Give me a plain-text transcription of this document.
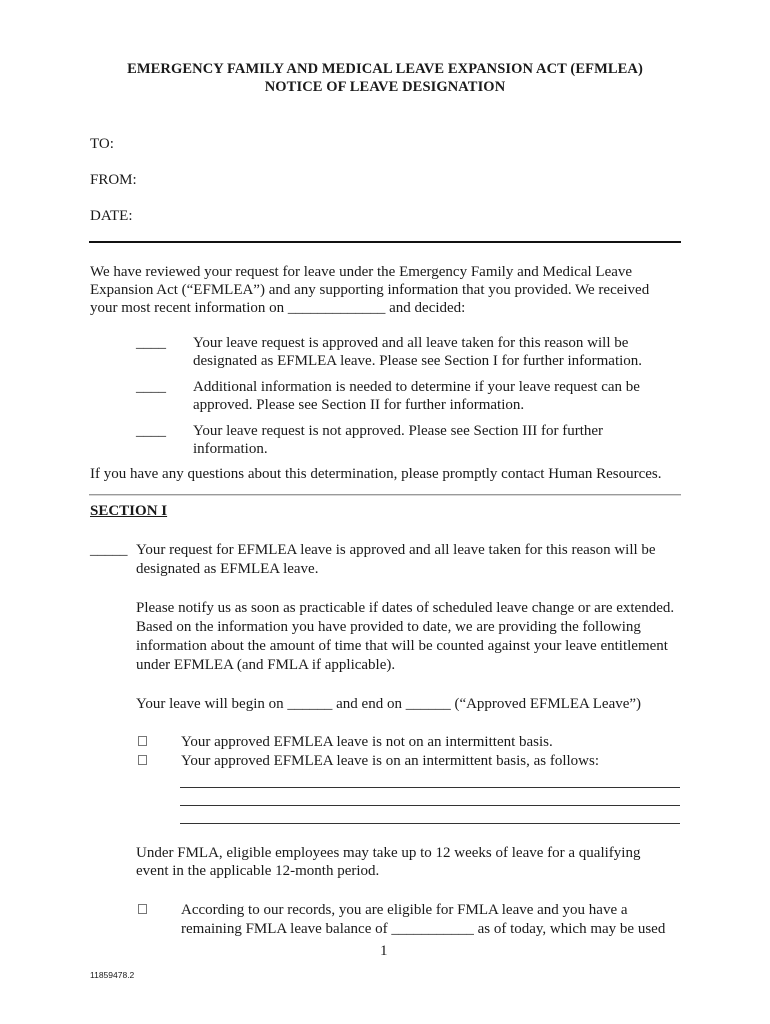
EMERGENCY FAMILY AND MEDICAL LEAVE EXPANSION ACT (EFMLEA)
NOTICE OF LEAVE DESIGNATION
TO:
FROM:
DATE:
We have reviewed your request for leave under the Emergency Family and Medical Leave
Expansion Act (“EFMLEA”) and any supporting information that you provided. We received
your most recent information on _____________ and decided:
____ Your leave request is approved and all leave taken for this reason will be
designated as EFMLEA leave. Please see Section I for further information.
____ Additional information is needed to determine if your leave request can be
approved. Please see Section II for further information.
____ Your leave request is not approved. Please see Section III for further
information.
If you have any questions about this determination, please promptly contact Human Resources.
SECTION I
_____ Your request for EFMLEA leave is approved and all leave taken for this reason will be
designated as EFMLEA leave.
Please notify us as soon as practicable if dates of scheduled leave change or are extended.
Based on the information you have provided to date, we are providing the following
information about the amount of time that will be counted against your leave entitlement
under EFMLEA (and FMLA if applicable).
Your leave will begin on ______ and end on ______ (“Approved EFMLEA Leave”)
Your approved EFMLEA leave is not on an intermittent basis.
Your approved EFMLEA leave is on an intermittent basis, as follows:
Under FMLA, eligible employees may take up to 12 weeks of leave for a qualifying
event in the applicable 12-month period.
According to our records, you are eligible for FMLA leave and you have a
remaining FMLA leave balance of ___________ as of today, which may be used
1
11859478.2
